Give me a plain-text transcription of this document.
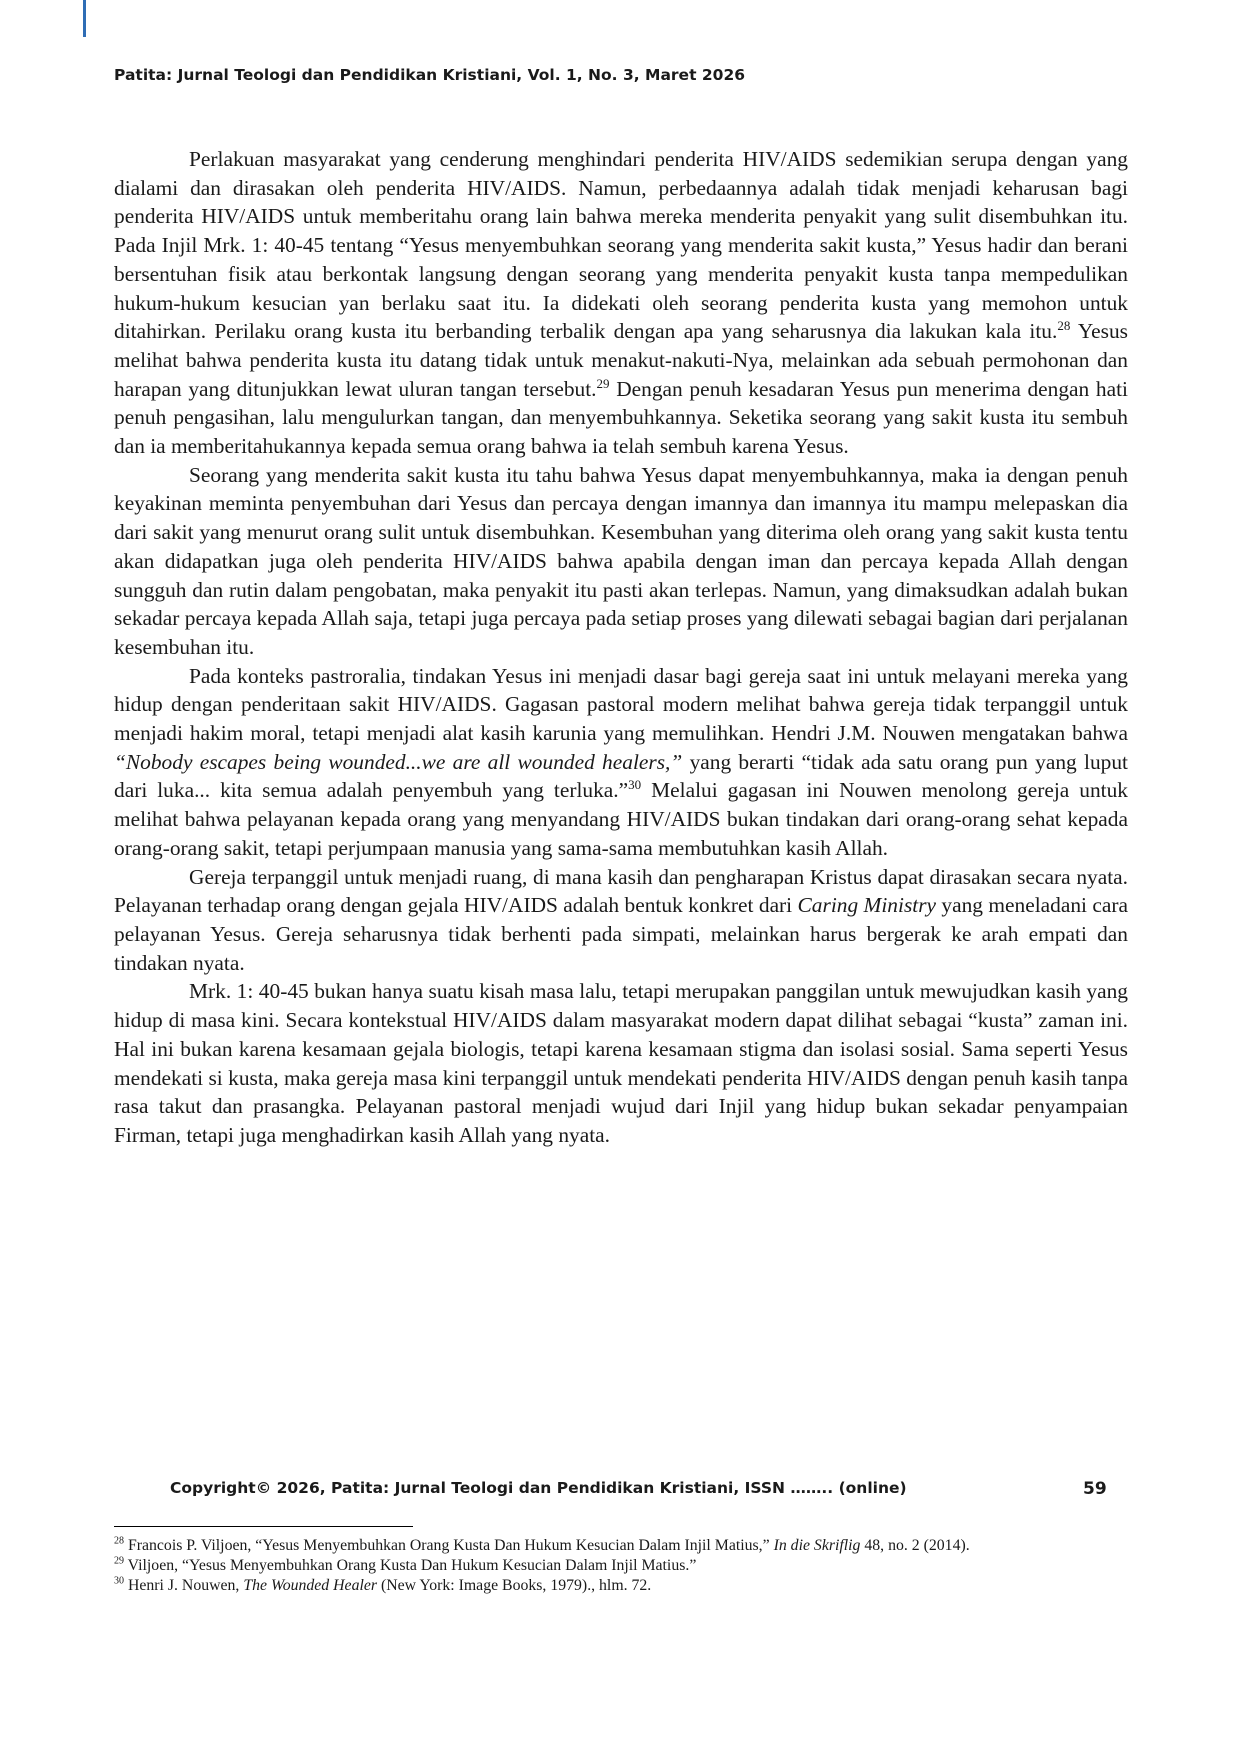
Patita: Jurnal Teologi dan Pendidikan Kristiani, Vol. 1, No. 3, Maret 2026

Perlakuan masyarakat yang cenderung menghindari penderita HIV/AIDS sedemikian serupa dengan yang dialami dan dirasakan oleh penderita HIV/AIDS. Namun, perbedaannya adalah tidak menjadi keharusan bagi penderita HIV/AIDS untuk memberitahu orang lain bahwa mereka menderita penyakit yang sulit disembuhkan itu. Pada Injil Mrk. 1: 40-45 tentang “Yesus menyembuhkan seorang yang menderita sakit kusta,” Yesus hadir dan berani bersentuhan fisik atau berkontak langsung dengan seorang yang menderita penyakit kusta tanpa mempedulikan hukum-hukum kesucian yan berlaku saat itu. Ia didekati oleh seorang penderita kusta yang memohon untuk ditahirkan. Perilaku orang kusta itu berbanding terbalik dengan apa yang seharusnya dia lakukan kala itu.$^{28}$ Yesus melihat bahwa penderita kusta itu datang tidak untuk menakut-nakuti-Nya, melainkan ada sebuah permohonan dan harapan yang ditunjukkan lewat uluran tangan tersebut.$^{29}$ Dengan penuh kesadaran Yesus pun menerima dengan hati penuh pengasihan, lalu mengulurkan tangan, dan menyembuhkannya. Seketika seorang yang sakit kusta itu sembuh dan ia memberitahukannya kepada semua orang bahwa ia telah sembuh karena Yesus.

Seorang yang menderita sakit kusta itu tahu bahwa Yesus dapat menyembuhkannya, maka ia dengan penuh keyakinan meminta penyembuhan dari Yesus dan percaya dengan imannya dan imannya itu mampu melepaskan dia dari sakit yang menurut orang sulit untuk disembuhkan. Kesembuhan yang diterima oleh orang yang sakit kusta tentu akan didapatkan juga oleh penderita HIV/AIDS bahwa apabila dengan iman dan percaya kepada Allah dengan sungguh dan rutin dalam pengobatan, maka penyakit itu pasti akan terlepas. Namun, yang dimaksudkan adalah bukan sekadar percaya kepada Allah saja, tetapi juga percaya pada setiap proses yang dilewati sebagai bagian dari perjalanan kesembuhan itu.

Pada konteks pastroralia, tindakan Yesus ini menjadi dasar bagi gereja saat ini untuk melayani mereka yang hidup dengan penderitaan sakit HIV/AIDS. Gagasan pastoral modern melihat bahwa gereja tidak terpanggil untuk menjadi hakim moral, tetapi menjadi alat kasih karunia yang memulihkan. Hendri J.M. Nouwen mengatakan bahwa “Nobody escapes being wounded...we are all wounded healers,” yang berarti “tidak ada satu orang pun yang luput dari luka... kita semua adalah penyembuh yang terluka.”$^{30}$ Melalui gagasan ini Nouwen menolong gereja untuk melihat bahwa pelayanan kepada orang yang menyandang HIV/AIDS bukan tindakan dari orang-orang sehat kepada orang-orang sakit, tetapi perjumpaan manusia yang sama-sama membutuhkan kasih Allah.

Gereja terpanggil untuk menjadi ruang, di mana kasih dan pengharapan Kristus dapat dirasakan secara nyata. Pelayanan terhadap orang dengan gejala HIV/AIDS adalah bentuk konkret dari Caring Ministry yang meneladani cara pelayanan Yesus. Gereja seharusnya tidak berhenti pada simpati, melainkan harus bergerak ke arah empati dan tindakan nyata.

Mrk. 1: 40-45 bukan hanya suatu kisah masa lalu, tetapi merupakan panggilan untuk mewujudkan kasih yang hidup di masa kini. Secara kontekstual HIV/AIDS dalam masyarakat modern dapat dilihat sebagai “kusta” zaman ini. Hal ini bukan karena kesamaan gejala biologis, tetapi karena kesamaan stigma dan isolasi sosial. Sama seperti Yesus mendekati si kusta, maka gereja masa kini terpanggil untuk mendekati penderita HIV/AIDS dengan penuh kasih tanpa rasa takut dan prasangka. Pelayanan pastoral menjadi wujud dari Injil yang hidup bukan sekadar penyampaian Firman, tetapi juga menghadirkan kasih Allah yang nyata.

Copyright© 2026, Patita: Jurnal Teologi dan Pendidikan Kristiani, ISSN …….. (online)	59

$^{28}$ Francois P. Viljoen, “Yesus Menyembuhkan Orang Kusta Dan Hukum Kesucian Dalam Injil Matius,” In die Skriflig 48, no. 2 (2014).

$^{29}$ Viljoen, “Yesus Menyembuhkan Orang Kusta Dan Hukum Kesucian Dalam Injil Matius.”

$^{30}$ Henri J. Nouwen, The Wounded Healer (New York: Image Books, 1979)., hlm. 72.
